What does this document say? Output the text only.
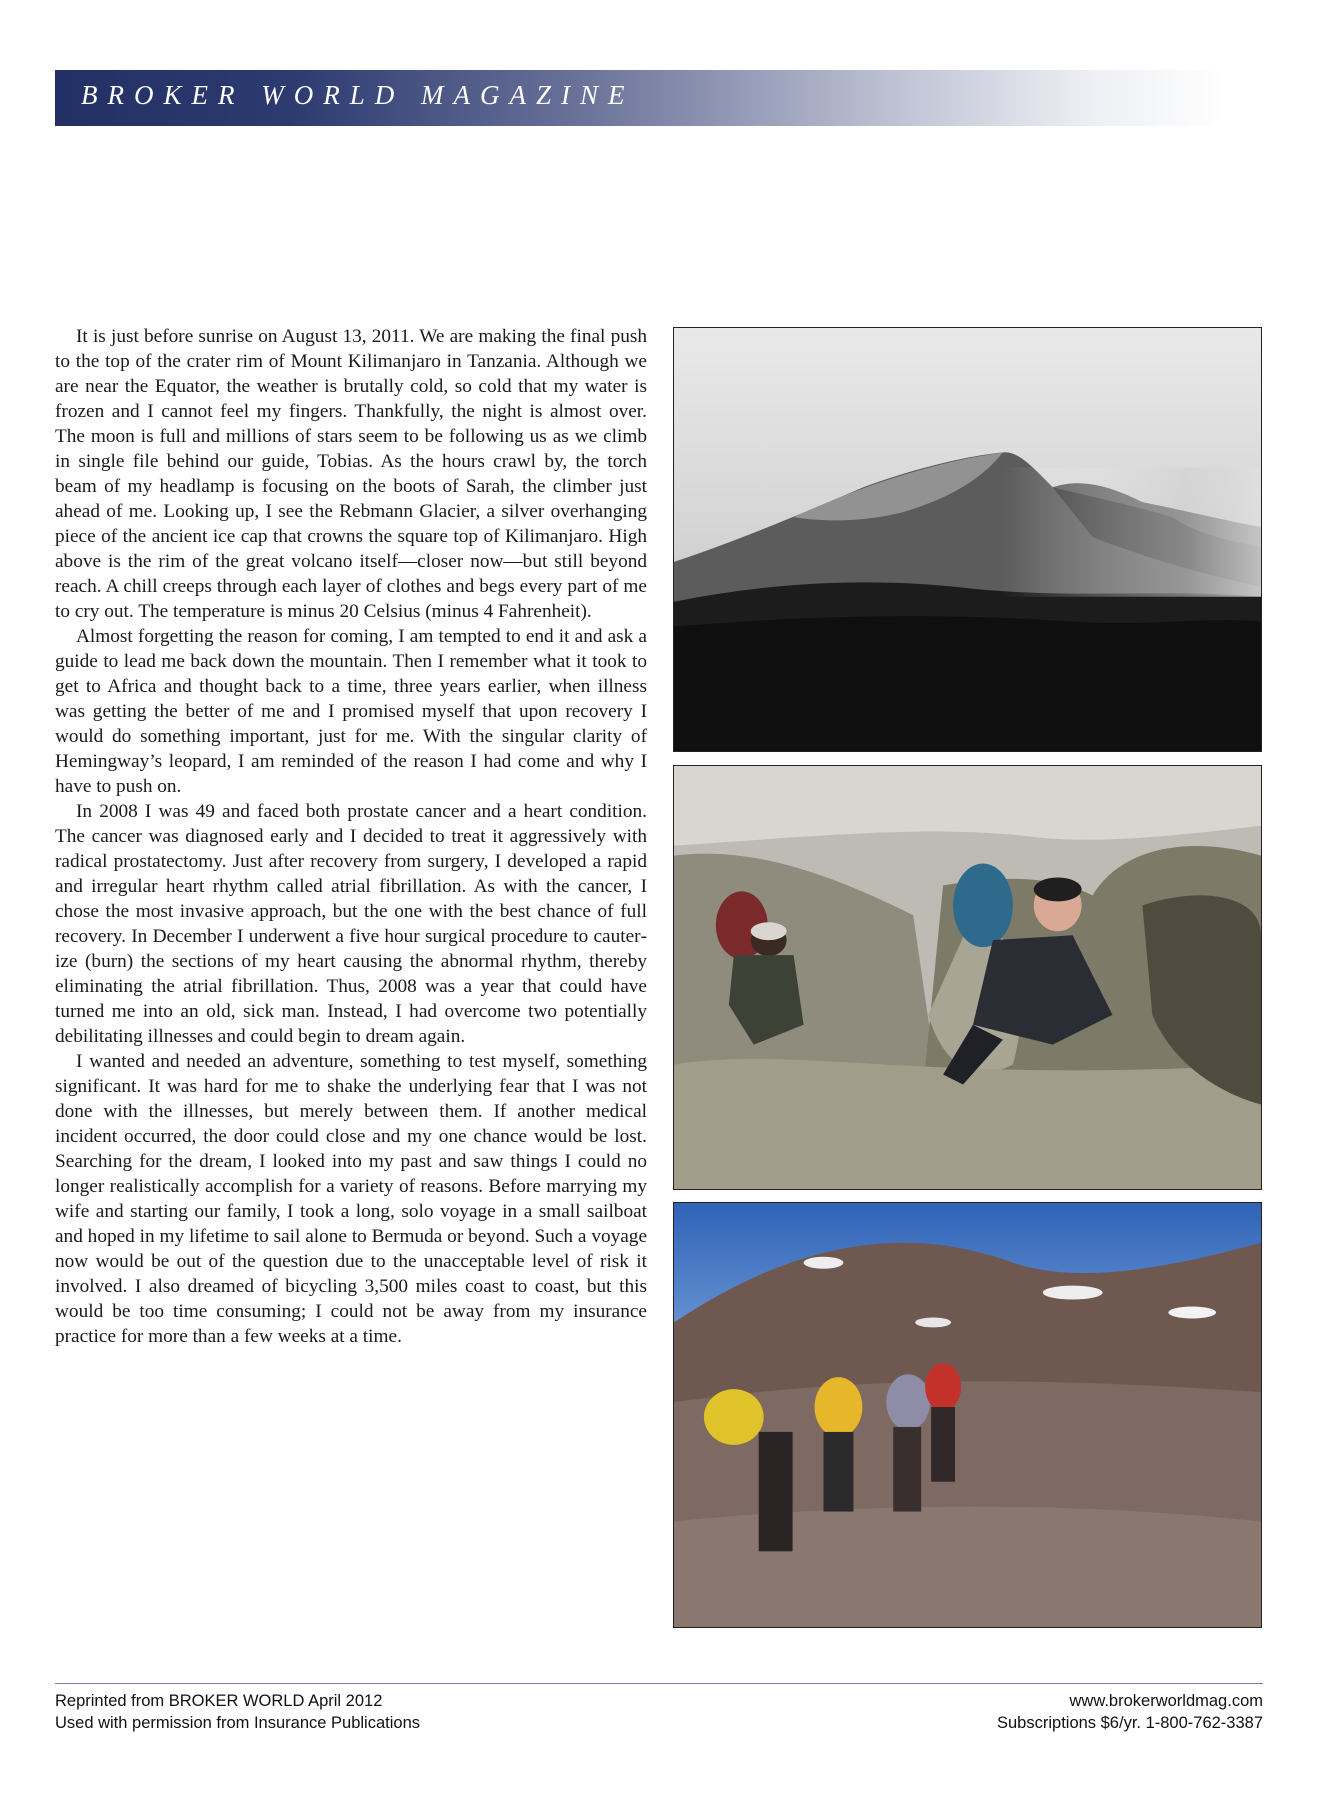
BROKER WORLD MAGAZINE

It is just before sunrise on August 13, 2011. We are making the final push to the top of the crater rim of Mount Kilimanjaro in Tanzania. Although we are near the Equator, the weather is brutally cold, so cold that my water is frozen and I cannot feel my fingers. Thankfully, the night is almost over. The moon is full and millions of stars seem to be following us as we climb in single file behind our guide, Tobias. As the hours crawl by, the torch beam of my headlamp is focusing on the boots of Sarah, the climber just ahead of me. Looking up, I see the Rebmann Glacier, a silver overhanging piece of the ancient ice cap that crowns the square top of Kilimanjaro. High above is the rim of the great volcano itself—closer now—but still beyond reach. A chill creeps through each layer of clothes and begs every part of me to cry out. The temperature is minus 20 Celsius (minus 4 Fahrenheit).

Almost forgetting the reason for coming, I am tempted to end it and ask a guide to lead me back down the mountain. Then I remember what it took to get to Africa and thought back to a time, three years earlier, when illness was getting the better of me and I promised myself that upon recovery I would do something important, just for me. With the singular clarity of Hemingway’s leopard, I am reminded of the reason I had come and why I have to push on.

In 2008 I was 49 and faced both prostate cancer and a heart condition. The cancer was diagnosed early and I decided to treat it aggressively with radical prostatectomy. Just after recovery from surgery, I developed a rapid and irregular heart rhythm called atrial fibrillation. As with the cancer, I chose the most invasive approach, but the one with the best chance of full recovery. In December I underwent a five hour surgical procedure to cauterize (burn) the sections of my heart causing the abnormal rhythm, thereby eliminating the atrial fibrillation. Thus, 2008 was a year that could have turned me into an old, sick man. Instead, I had overcome two potentially debilitating illnesses and could begin to dream again.

I wanted and needed an adventure, something to test myself, something significant. It was hard for me to shake the underlying fear that I was not done with the illnesses, but merely between them. If another medical incident occurred, the door could close and my one chance would be lost. Searching for the dream, I looked into my past and saw things I could no longer realistically accomplish for a variety of reasons. Before marrying my wife and starting our family, I took a long, solo voyage in a small sailboat and hoped in my lifetime to sail alone to Bermuda or beyond. Such a voyage now would be out of the question due to the unacceptable level of risk it involved. I also dreamed of bicycling 3,500 miles coast to coast, but this would be too time consuming; I could not be away from my insurance practice for more than a few weeks at a time.

Reprinted from BROKER WORLD April 2012
Used with permission from Insurance Publications
www.brokerworldmag.com
Subscriptions $6/yr. 1-800-762-3387
